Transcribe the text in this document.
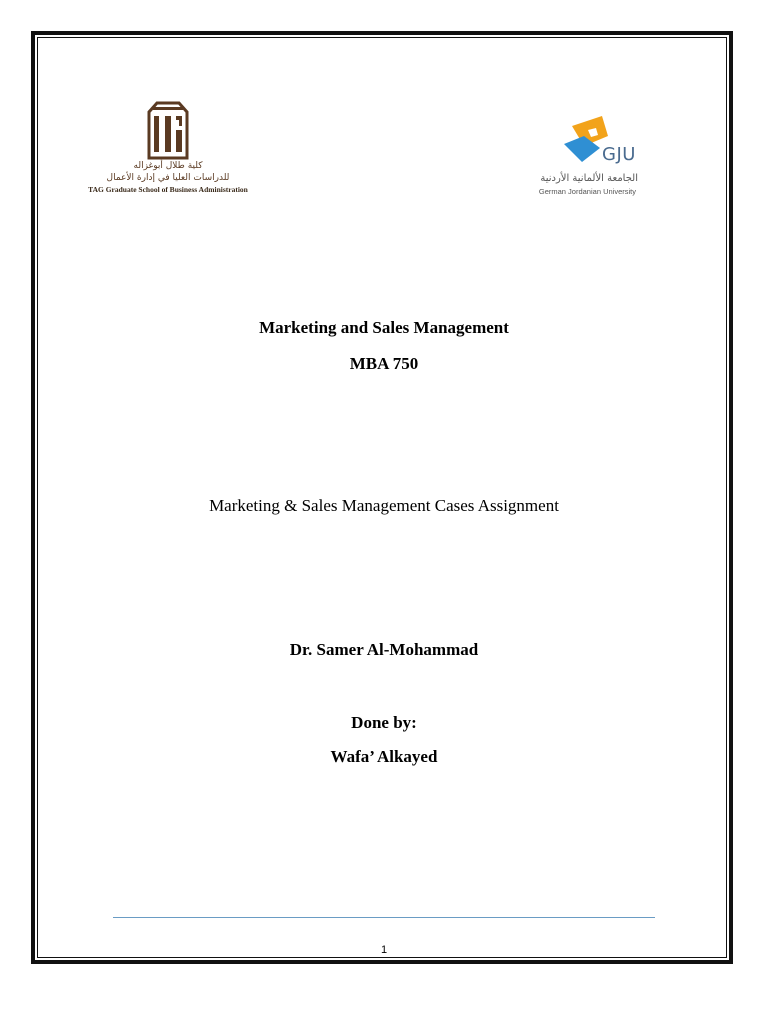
كلية طلال أبوغزاله
للدراسات العليا في إدارة الأعمال
TAG Graduate School of Business Administration
GJU
الجامعة الألمانية الأردنية
German Jordanian University
Marketing and Sales Management
MBA 750
Marketing & Sales Management Cases Assignment
Dr. Samer Al-Mohammad
Done by:
Wafa’ Alkayed
1
